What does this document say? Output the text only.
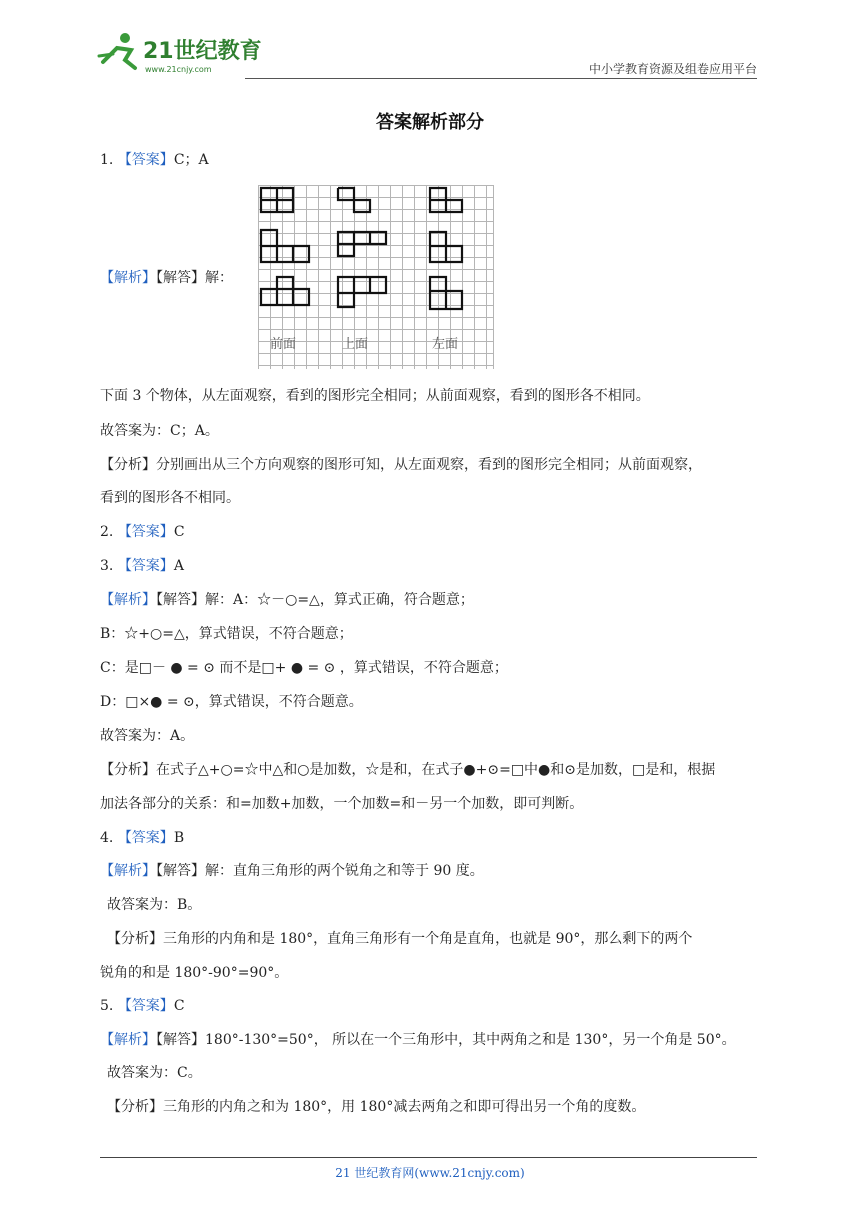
21世纪教育
www.21cnjy.com	中小学教育资源及组卷应用平台
答案解析部分
1. 【答案】C；A
【解析】【解答】解：
前面	上面	左面
下面 3 个物体，从左面观察，看到的图形完全相同；从前面观察，看到的图形各不相同。
故答案为：C；A。
【分析】分别画出从三个方向观察的图形可知，从左面观察，看到的图形完全相同；从前面观察，
看到的图形各不相同。
2. 【答案】C
3. 【答案】A
【解析】【解答】解：A：☆－○=△，算式正确，符合题意；
B：☆+○=△，算式错误，不符合题意；
C：是□－ ● = ⊙ 而不是□+ ● = ⊙ ，算式错误，不符合题意；
D：□×● = ⊙，算式错误，不符合题意。
故答案为：A。
【分析】在式子△+○=☆中△和○是加数，☆是和，在式子●+⊙=□中●和⊙是加数，□是和，根据
加法各部分的关系：和=加数+加数，一个加数=和－另一个加数，即可判断。
4. 【答案】B
【解析】【解答】解：直角三角形的两个锐角之和等于 90 度。
故答案为：B。
【分析】三角形的内角和是 180°，直角三角形有一个角是直角，也就是 90°，那么剩下的两个
锐角的和是 180°-90°=90°。
5. 【答案】C
【解析】【解答】180°-130°=50°， 所以在一个三角形中，其中两角之和是 130°，另一个角是 50°。
故答案为：C。
【分析】三角形的内角之和为 180°，用 180°减去两角之和即可得出另一个角的度数。
21 世纪教育网(www.21cnjy.com)
